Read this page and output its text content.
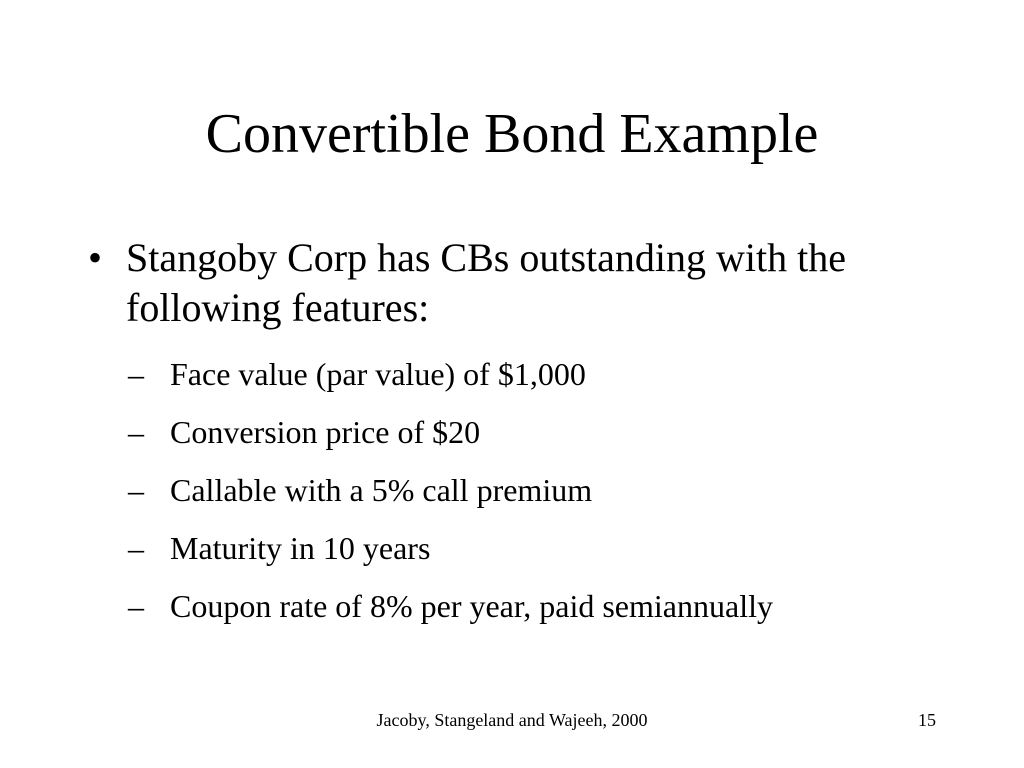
Convertible Bond Example
• Stangoby Corp has CBs outstanding with the following features:
– Face value (par value) of $1,000
– Conversion price of $20
– Callable with a 5% call premium
– Maturity in 10 years
– Coupon rate of 8% per year, paid semiannually
Jacoby, Stangeland and Wajeeh, 2000	15
